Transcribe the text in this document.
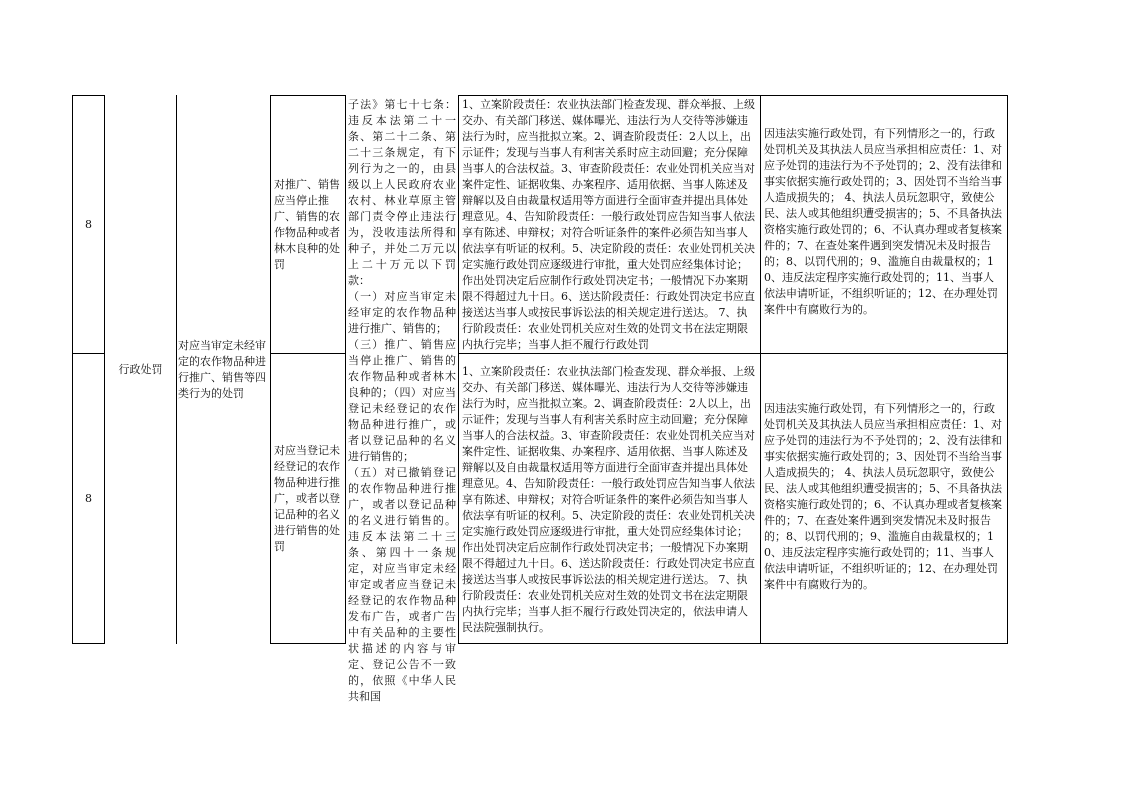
8
对推广、销售应当停止推广、销售的农作物品种或者林木良种的处罚
1、立案阶段责任：农业执法部门检查发现、群众举报、上级交办、有关部门移送、媒体曝光、违法行为人交待等涉嫌违法行为时，应当批拟立案。2、调查阶段责任：2人以上，出示证件；发现与当事人有利害关系时应主动回避；充分保障当事人的合法权益。3、审查阶段责任：农业处罚机关应当对案件定性、证据收集、办案程序、适用依据、当事人陈述及辩解以及自由裁量权适用等方面进行全面审查并提出具体处理意见。4、告知阶段责任：一般行政处罚应告知当事人依法享有陈述、申辩权；对符合听证条件的案件必须告知当事人依法享有听证的权利。5、决定阶段的责任：农业处罚机关决定实施行政处罚应逐级进行审批，重大处罚应经集体讨论；作出处罚决定后应制作行政处罚决定书；一般情况下办案期限不得超过九十日。6、送达阶段责任：行政处罚决定书应直接送达当事人或按民事诉讼法的相关规定进行送达。 7、执行阶段责任：农业处罚机关应对生效的处罚文书在法定期限内执行完毕；当事人拒不履行行政处罚
因违法实施行政处罚，有下列情形之一的，行政处罚机关及其执法人员应当承担相应责任：1、对应予处罚的违法行为不予处罚的；2、没有法律和事实依据实施行政处罚的；3、因处罚不当给当事人造成损失的； 4、执法人员玩忽职守，致使公民、法人或其他组织遭受损害的；5、不具备执法资格实施行政处罚的；6、不认真办理或者复核案件的；7、在查处案件遇到突发情况未及时报告的；8、以罚代刑的；9、滥施自由裁量权的；10、违反法定程序实施行政处罚的；11、当事人依法申请听证，不组织听证的；12、在办理处罚案件中有腐败行为的。
8
对应当登记未经登记的农作物品种进行推广，或者以登记品种的名义进行销售的处罚
1、立案阶段责任：农业执法部门检查发现、群众举报、上级交办、有关部门移送、媒体曝光、违法行为人交待等涉嫌违法行为时，应当批拟立案。2、调查阶段责任：2人以上，出示证件；发现与当事人有利害关系时应主动回避；充分保障当事人的合法权益。3、审查阶段责任：农业处罚机关应当对案件定性、证据收集、办案程序、适用依据、当事人陈述及辩解以及自由裁量权适用等方面进行全面审查并提出具体处理意见。4、告知阶段责任：一般行政处罚应告知当事人依法享有陈述、申辩权；对符合听证条件的案件必须告知当事人依法享有听证的权利。5、决定阶段的责任：农业处罚机关决定实施行政处罚应逐级进行审批，重大处罚应经集体讨论；作出处罚决定后应制作行政处罚决定书；一般情况下办案期限不得超过九十日。6、送达阶段责任：行政处罚决定书应直接送达当事人或按民事诉讼法的相关规定进行送达。 7、执行阶段责任：农业处罚机关应对生效的处罚文书在法定期限内执行完毕；当事人拒不履行行政处罚决定的，依法申请人民法院强制执行。
因违法实施行政处罚，有下列情形之一的，行政处罚机关及其执法人员应当承担相应责任：1、对应予处罚的违法行为不予处罚的；2、没有法律和事实依据实施行政处罚的；3、因处罚不当给当事人造成损失的； 4、执法人员玩忽职守，致使公民、法人或其他组织遭受损害的；5、不具备执法资格实施行政处罚的；6、不认真办理或者复核案件的；7、在查处案件遇到突发情况未及时报告的；8、以罚代刑的；9、滥施自由裁量权的；10、违反法定程序实施行政处罚的；11、当事人依法申请听证，不组织听证的；12、在办理处罚案件中有腐败行为的。
行政处罚
对应当审定未经审定的农作物品种进行推广、销售等四类行为的处罚

子法》第七十七条：违反本法第二十一条、第二十二条、第二十三条规定，有下列行为之一的，由县级以上人民政府农业农村、林业草原主管部门责令停止违法行为，没收违法所得和种子，并处二万元以上二十万元以下罚款：

（一）对应当审定未经审定的农作物品种进行推广、销售的；

（三）推广、销售应当停止推广、销售的农作物品种或者林木良种的；（四）对应当登记未经登记的农作物品种进行推广，或者以登记品种的名义进行销售的；

（五）对已撤销登记的农作物品种进行推广，或者以登记品种的名义进行销售的。违反本法第二十三条、第四十一条规定，对应当审定未经审定或者应当登记未经登记的农作物品种发布广告，或者广告中有关品种的主要性状描述的内容与审定、登记公告不一致的，依照《中华人民共和国
